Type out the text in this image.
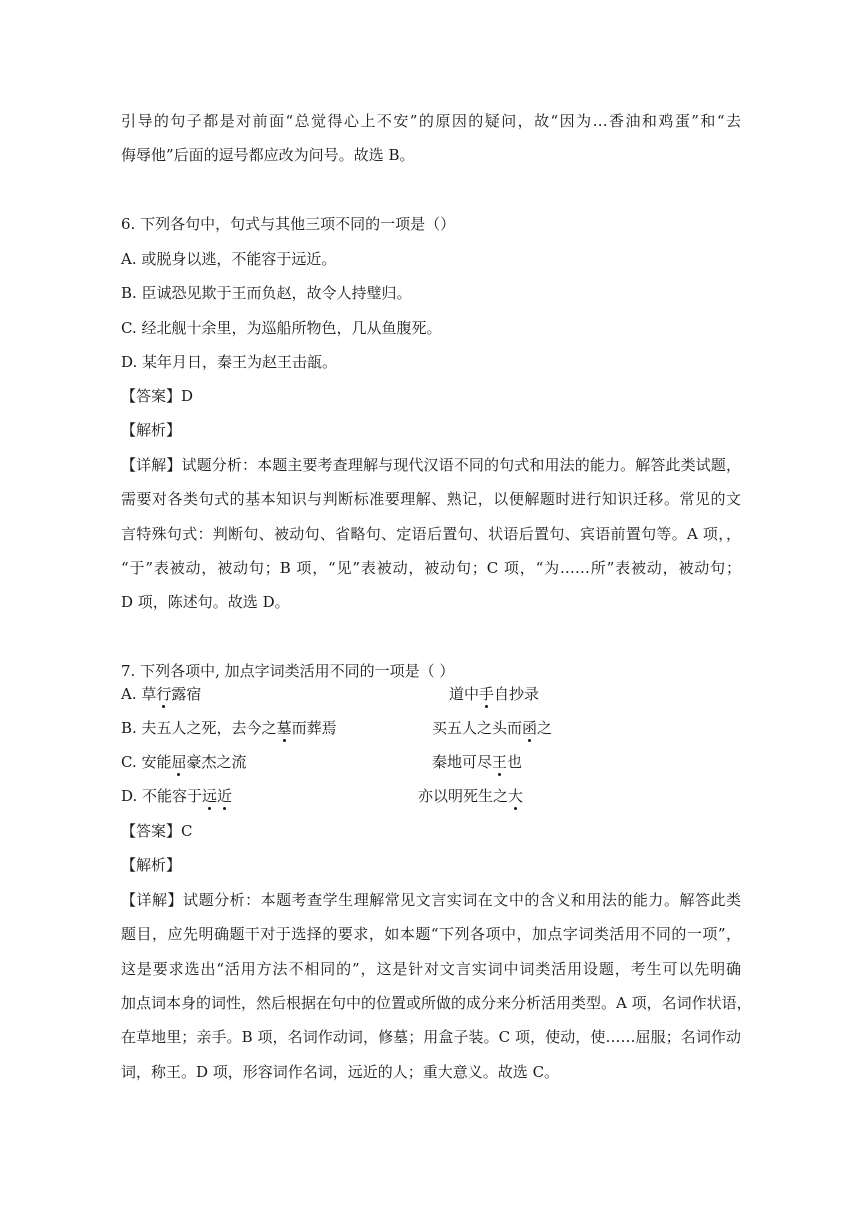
引导的句子都是对前面“总觉得心上不安”的原因的疑问，故“因为…香油和鸡蛋”和“去
侮辱他”后面的逗号都应改为问号。故选 B。
6. 下列各句中，句式与其他三项不同的一项是（）
A. 或脱身以逃，不能容于远近。
B. 臣诚恐见欺于王而负赵，故令人持璧归。
C. 经北舰十余里，为巡船所物色，几从鱼腹死。
D. 某年月日，秦王为赵王击瓿。
【答案】D
【解析】
【详解】试题分析：本题主要考查理解与现代汉语不同的句式和用法的能力。解答此类试题，
需要对各类句式的基本知识与判断标准要理解、熟记，以便解题时进行知识迁移。常见的文
言特殊句式：判断句、被动句、省略句、定语后置句、状语后置句、宾语前置句等。A 项，，
“于”表被动，被动句；B 项，“见”表被动，被动句；C 项，“为……所”表被动，被动句；
D 项，陈述句。故选 D。
7. 下列各项中, 加点字词类活用不同的一项是（ ）
A. 草行露宿	道中手自抄录
B. 夫五人之死，去今之墓而葬焉	买五人之头而函之
C. 安能屈豪杰之流	秦地可尽王也
D. 不能容于远近	亦以明死生之大
【答案】C
【解析】
【详解】试题分析：本题考查学生理解常见文言实词在文中的含义和用法的能力。解答此类
题目，应先明确题干对于选择的要求，如本题“下列各项中，加点字词类活用不同的一项”，
这是要求选出“活用方法不相同的”，这是针对文言实词中词类活用设题，考生可以先明确
加点词本身的词性，然后根据在句中的位置或所做的成分来分析活用类型。A 项，名词作状语，
在草地里；亲手。B 项，名词作动词，修墓；用盒子装。C 项，使动，使……屈服；名词作动
词，称王。D 项，形容词作名词，远近的人；重大意义。故选 C。
